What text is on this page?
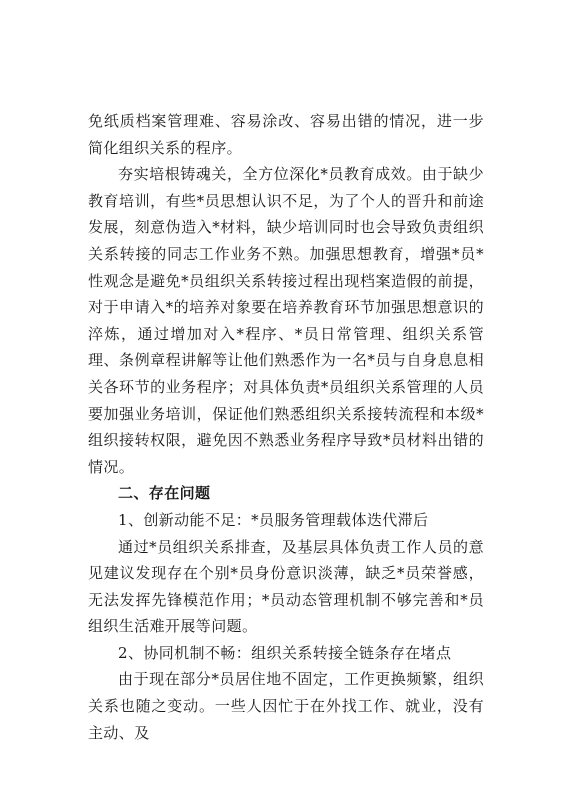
免纸质档案管理难、容易涂改、容易出错的情况，进一步简化组织关系的程序。

夯实培根铸魂关，全方位深化*员教育成效。由于缺少教育培训，有些*员思想认识不足，为了个人的晋升和前途发展，刻意伪造入*材料，缺少培训同时也会导致负责组织关系转接的同志工作业务不熟。加强思想教育，增强*员*性观念是避免*员组织关系转接过程出现档案造假的前提，对于申请入*的培养对象要在培养教育环节加强思想意识的淬炼，通过增加对入*程序、*员日常管理、组织关系管理、条例章程讲解等让他们熟悉作为一名*员与自身息息相关各环节的业务程序；对具体负责*员组织关系管理的人员要加强业务培训，保证他们熟悉组织关系接转流程和本级*组织接转权限，避免因不熟悉业务程序导致*员材料出错的情况。

二、存在问题

1、创新动能不足：*员服务管理载体迭代滞后

通过*员组织关系排查，及基层具体负责工作人员的意见建议发现存在个别*员身份意识淡薄，缺乏*员荣誉感，无法发挥先锋模范作用；*员动态管理机制不够完善和*员组织生活难开展等问题。

2、协同机制不畅：组织关系转接全链条存在堵点

由于现在部分*员居住地不固定，工作更换频繁，组织关系也随之变动。一些人因忙于在外找工作、就业，没有主动、及
